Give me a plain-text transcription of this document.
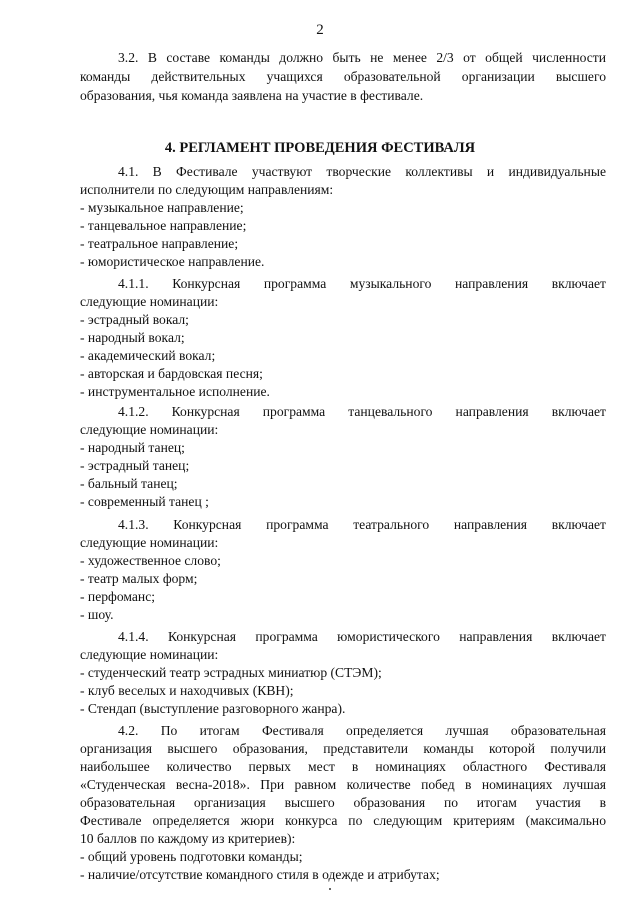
2
3.2. В составе команды должно быть не менее 2/3 от общей численности
команды действительных учащихся образовательной организации высшего
образования, чья команда заявлена на участие в фестивале.
4. РЕГЛАМЕНТ ПРОВЕДЕНИЯ ФЕСТИВАЛЯ
4.1. В Фестивале участвуют творческие коллективы и индивидуальные
исполнители по следующим направлениям:
- музыкальное направление;
- танцевальное направление;
- театральное направление;
- юмористическое направление.
4.1.1. Конкурсная программа музыкального направления включает
следующие номинации:
- эстрадный вокал;
- народный вокал;
- академический вокал;
- авторская и бардовская песня;
- инструментальное исполнение.
4.1.2. Конкурсная программа танцевального направления включает
следующие номинации:
- народный танец;
- эстрадный танец;
- бальный танец;
- современный танец ;
4.1.3. Конкурсная программа театрального направления включает
следующие номинации:
- художественное слово;
- театр малых форм;
- перфоманс;
- шоу.
4.1.4. Конкурсная программа юмористического направления включает
следующие номинации:
- студенческий театр эстрадных миниатюр (СТЭМ);
- клуб веселых и находчивых (КВН);
- Стендап (выступление разговорного жанра).
4.2. По итогам Фестиваля определяется лучшая образовательная
организация высшего образования, представители команды которой получили
наибольшее количество первых мест в номинациях областного Фестиваля
«Студенческая весна-2018». При равном количестве побед в номинациях лучшая
образовательная организация высшего образования по итогам участия в
Фестивале определяется жюри конкурса по следующим критериям (максимально
10 баллов по каждому из критериев):
- общий уровень подготовки команды;
- наличие/отсутствие командного стиля в одежде и атрибутах;
